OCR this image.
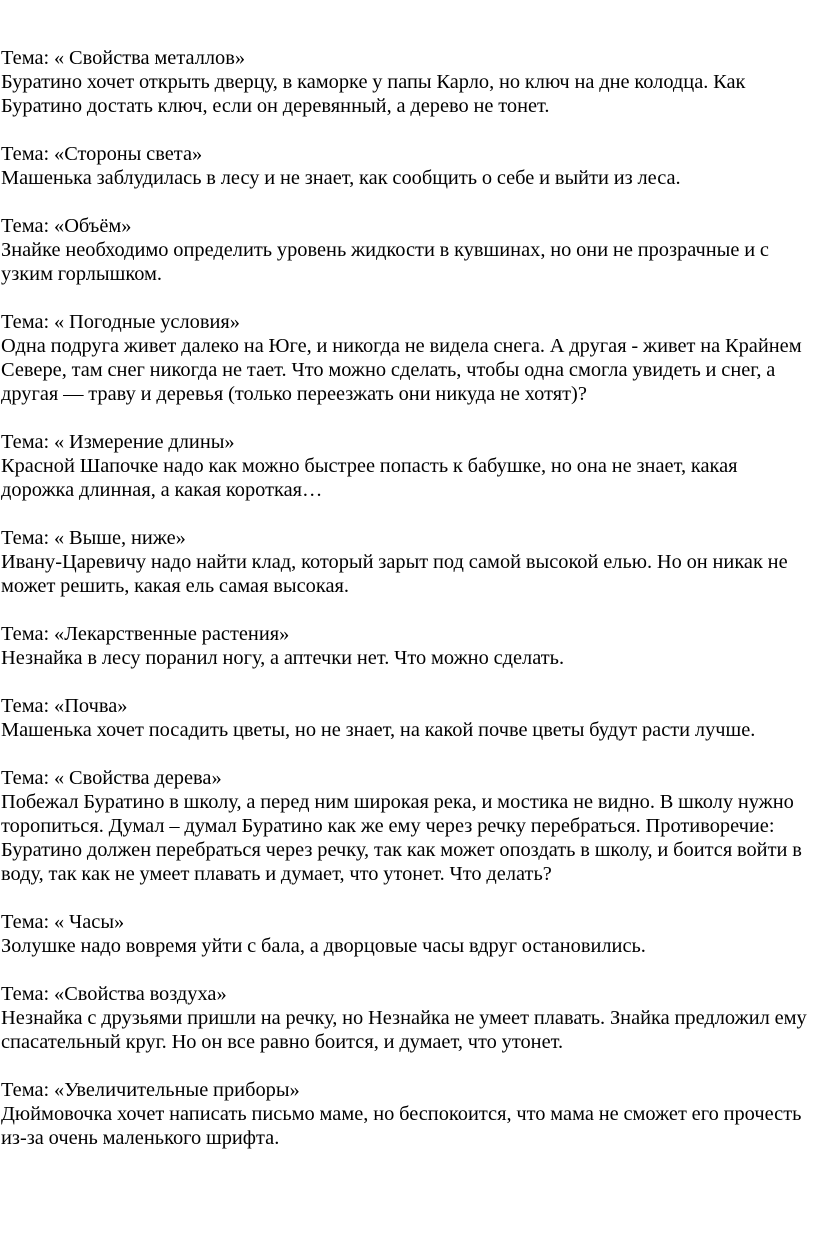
Тема: « Свойства металлов»
Буратино хочет открыть дверцу, в каморке у папы Карло, но ключ на дне колодца. Как Буратино достать ключ, если он деревянный, а дерево не тонет.
Тема: «Стороны света»
Машенька заблудилась в лесу и не знает, как сообщить о себе и выйти из леса.
Тема: «Объём»
Знайке необходимо определить уровень жидкости в кувшинах, но они не прозрачные и с узким горлышком.
Тема: « Погодные условия»
Одна подруга живет далеко на Юге, и никогда не видела снега. А другая - живет на Крайнем Севере, там снег никогда не тает. Что можно сделать, чтобы одна смогла увидеть и снег, а другая — траву и деревья (только переезжать они никуда не хотят)?
Тема: « Измерение длины»
Красной Шапочке надо как можно быстрее попасть к бабушке, но она не знает, какая дорожка длинная, а какая короткая…
Тема: « Выше, ниже»
Ивану-Царевичу надо найти клад, который зарыт под самой высокой елью. Но он никак не может решить, какая ель самая высокая.
Тема: «Лекарственные растения»
Незнайка в лесу поранил ногу, а аптечки нет. Что можно сделать.
Тема: «Почва»
Машенька хочет посадить цветы, но не знает, на какой почве цветы будут расти лучше.
Тема: « Свойства дерева»
Побежал Буратино в школу, а перед ним широкая река, и мостика не видно. В школу нужно торопиться. Думал – думал Буратино как же ему через речку перебраться. Противоречие: Буратино должен перебраться через речку, так как может опоздать в школу, и боится войти в воду, так как не умеет плавать и думает, что утонет. Что делать?
Тема: « Часы»
Золушке надо вовремя уйти с бала, а дворцовые часы вдруг остановились.
Тема: «Свойства воздуха»
Незнайка с друзьями пришли на речку, но Незнайка не умеет плавать. Знайка предложил ему спасательный круг. Но он все равно боится, и думает, что утонет.
Тема: «Увеличительные приборы»
Дюймовочка хочет написать письмо маме, но беспокоится, что мама не сможет его прочесть из-за очень маленького шрифта.
